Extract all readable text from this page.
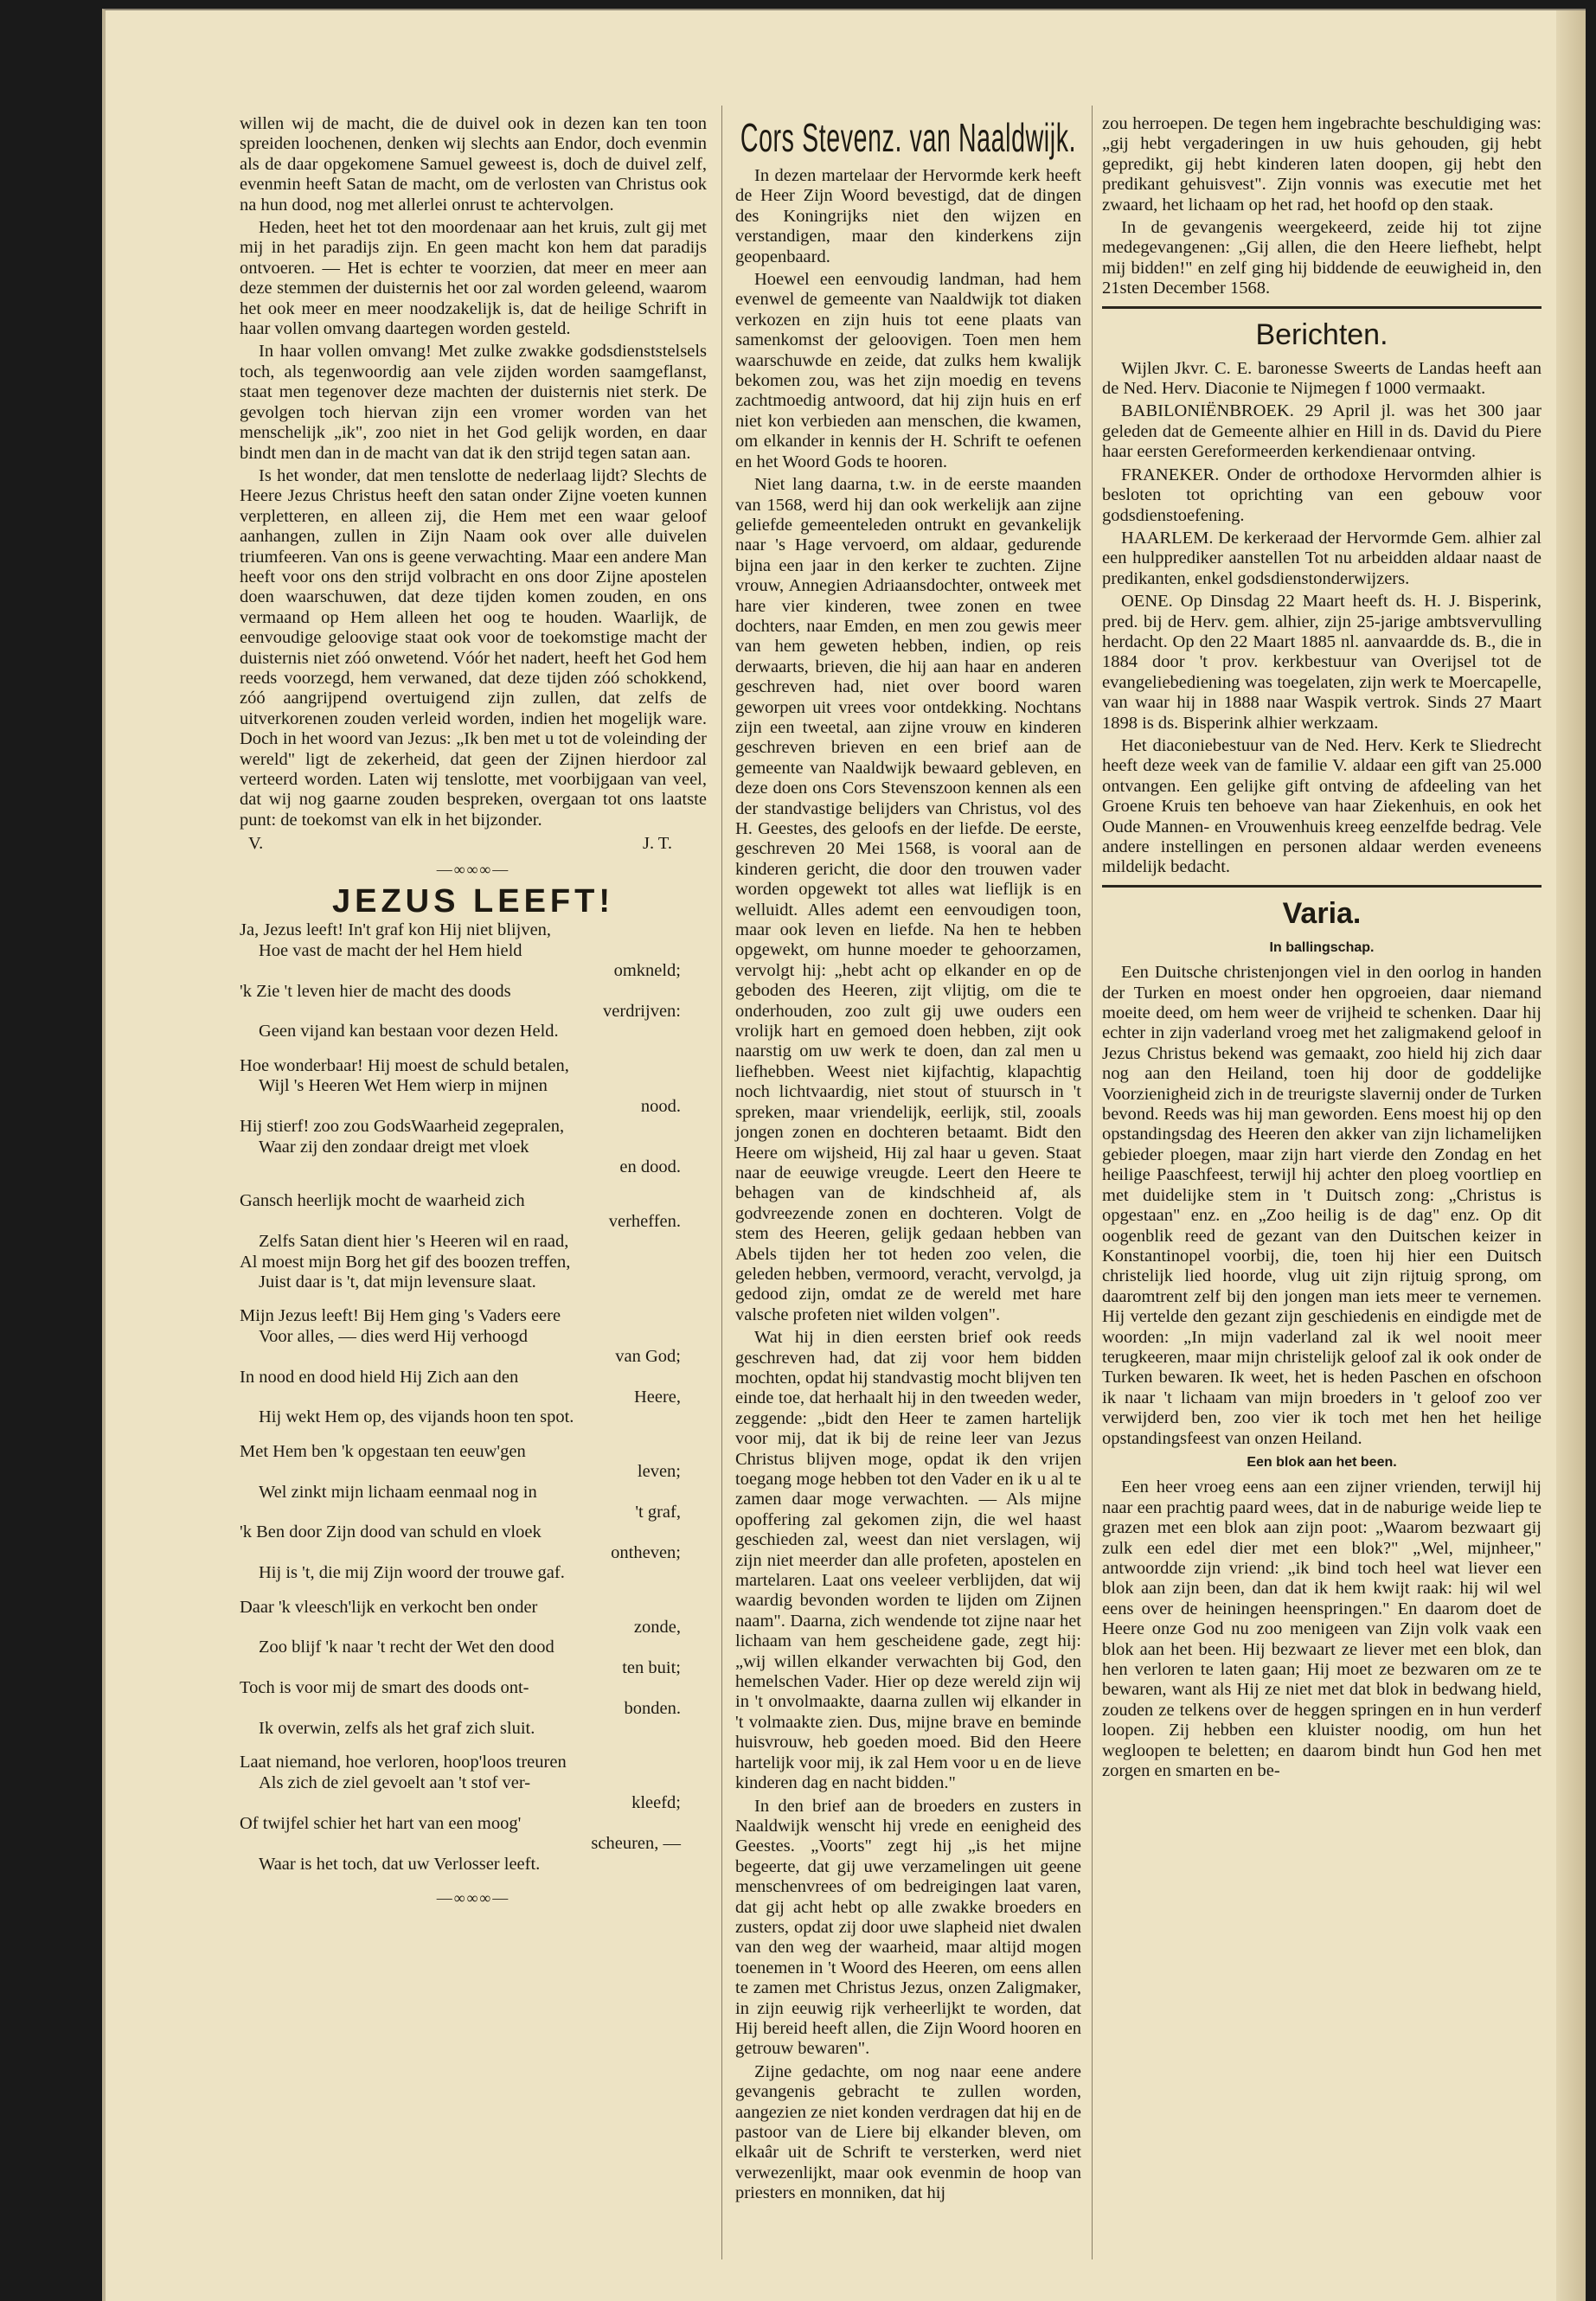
willen wij de macht, die de duivel ook in dezen kan ten toon spreiden loochenen, denken wij slechts aan Endor, doch evenmin als de daar opgekomene Samuel geweest is, doch de duivel zelf, evenmin heeft Satan de macht, om de verlosten van Christus ook na hun dood, nog met allerlei onrust te achtervolgen.

Heden, heet het tot den moordenaar aan het kruis, zult gij met mij in het paradijs zijn. En geen macht kon hem dat paradijs ontvoeren. — Het is echter te voorzien, dat meer en meer aan deze stemmen der duisternis het oor zal worden geleend, waarom het ook meer en meer noodzakelijk is, dat de heilige Schrift in haar vollen omvang daartegen worden gesteld.

In haar vollen omvang! Met zulke zwakke godsdienststelsels toch, als tegenwoordig aan vele zijden worden saamgeflanst, staat men tegenover deze machten der duisternis niet sterk. De gevolgen toch hiervan zijn een vromer worden van het menschelijk „ik", zoo niet in het God gelijk worden, en daar bindt men dan in de macht van dat ik den strijd tegen satan aan.

Is het wonder, dat men tenslotte de nederlaag lijdt? Slechts de Heere Jezus Christus heeft den satan onder Zijne voeten kunnen verpletteren, en alleen zij, die Hem met een waar geloof aanhangen, zullen in Zijn Naam ook over alle duivelen triumfeeren. Van ons is geene verwachting. Maar een andere Man heeft voor ons den strijd volbracht en ons door Zijne apostelen doen waarschuwen, dat deze tijden komen zouden, en ons vermaand op Hem alleen het oog te houden. Waarlijk, de eenvoudige geloovige staat ook voor de toekomstige macht der duisternis niet zóó onwetend. Vóór het nadert, heeft het God hem reeds voorzegd, hem verwaned, dat deze tijden zóó schokkend, zóó aangrijpend overtuigend zijn zullen, dat zelfs de uitverkorenen zouden verleid worden, indien het mogelijk ware. Doch in het woord van Jezus: „Ik ben met u tot de voleinding der wereld" ligt de zekerheid, dat geen der Zijnen hierdoor zal verteerd worden. Laten wij tenslotte, met voorbijgaan van veel, dat wij nog gaarne zouden bespreken, overgaan tot ons laatste punt: de toekomst van elk in het bijzonder.

V.	J. T.
—∞∞∞—
JEZUS LEEFT!
Ja, Jezus leeft! In't graf kon Hij niet blijven,
Hoe vast de macht der hel Hem hield
omkneld;
'k Zie 't leven hier de macht des doods
verdrijven:
Geen vijand kan bestaan voor dezen Held.
Hoe wonderbaar! Hij moest de schuld betalen,
Wijl 's Heeren Wet Hem wierp in mijnen
nood.
Hij stierf! zoo zou GodsWaarheid zegepralen,
Waar zij den zondaar dreigt met vloek
en dood.
Gansch heerlijk mocht de waarheid zich
verheffen.
Zelfs Satan dient hier 's Heeren wil en raad,
Al moest mijn Borg het gif des boozen treffen,
Juist daar is 't, dat mijn levensure slaat.
Mijn Jezus leeft! Bij Hem ging 's Vaders eere
Voor alles, — dies werd Hij verhoogd
van God;
In nood en dood hield Hij Zich aan den
Heere,
Hij wekt Hem op, des vijands hoon ten spot.
Met Hem ben 'k opgestaan ten eeuw'gen
leven;
Wel zinkt mijn lichaam eenmaal nog in
't graf,
'k Ben door Zijn dood van schuld en vloek
ontheven;
Hij is 't, die mij Zijn woord der trouwe gaf.
Daar 'k vleesch'lijk en verkocht ben onder
zonde,
Zoo blijf 'k naar 't recht der Wet den dood
ten buit;
Toch is voor mij de smart des doods ont-
bonden.
Ik overwin, zelfs als het graf zich sluit.
Laat niemand, hoe verloren, hoop'loos treuren
Als zich de ziel gevoelt aan 't stof ver-
kleefd;
Of twijfel schier het hart van een moog'
scheuren, —
Waar is het toch, dat uw Verlosser leeft.
—∞∞∞—
Cors Stevenz. van Naaldwijk.

In dezen martelaar der Hervormde kerk heeft de Heer Zijn Woord bevestigd, dat de dingen des Koningrijks niet den wijzen en verstandigen, maar den kinderkens zijn geopenbaard.

Hoewel een eenvoudig landman, had hem evenwel de gemeente van Naaldwijk tot diaken verkozen en zijn huis tot eene plaats van samenkomst der geloovigen. Toen men hem waarschuwde en zeide, dat zulks hem kwalijk bekomen zou, was het zijn moedig en tevens zachtmoedig antwoord, dat hij zijn huis en erf niet kon verbieden aan menschen, die kwamen, om elkander in kennis der H. Schrift te oefenen en het Woord Gods te hooren.

Niet lang daarna, t.w. in de eerste maanden van 1568, werd hij dan ook werkelijk aan zijne geliefde gemeenteleden ontrukt en gevankelijk naar 's Hage vervoerd, om aldaar, gedurende bijna een jaar in den kerker te zuchten. Zijne vrouw, Annegien Adriaansdochter, ontweek met hare vier kinderen, twee zonen en twee dochters, naar Emden, en men zou gewis meer van hem geweten hebben, indien, op reis derwaarts, brieven, die hij aan haar en anderen geschreven had, niet over boord waren geworpen uit vrees voor ontdekking. Nochtans zijn een tweetal, aan zijne vrouw en kinderen geschreven brieven en een brief aan de gemeente van Naaldwijk bewaard gebleven, en deze doen ons Cors Stevenszoon kennen als een der standvastige belijders van Christus, vol des H. Geestes, des geloofs en der liefde. De eerste, geschreven 20 Mei 1568, is vooral aan de kinderen gericht, die door den trouwen vader worden opgewekt tot alles wat lieflijk is en welluidt. Alles ademt een eenvoudigen toon, maar ook leven en liefde. Na hen te hebben opgewekt, om hunne moeder te gehoorzamen, vervolgt hij: „hebt acht op elkander en op de geboden des Heeren, zijt vlijtig, om die te onderhouden, zoo zult gij uwe ouders een vrolijk hart en gemoed doen hebben, zijt ook naarstig om uw werk te doen, dan zal men u liefhebben. Weest niet kijfachtig, klapachtig noch lichtvaardig, niet stout of stuursch in 't spreken, maar vriendelijk, eerlijk, stil, zooals jongen zonen en dochteren betaamt. Bidt den Heere om wijsheid, Hij zal haar u geven. Staat naar de eeuwige vreugde. Leert den Heere te behagen van de kindschheid af, als godvreezende zonen en dochteren. Volgt de stem des Heeren, gelijk gedaan hebben van Abels tijden her tot heden zoo velen, die geleden hebben, vermoord, veracht, vervolgd, ja gedood zijn, omdat ze de wereld met hare valsche profeten niet wilden volgen".

Wat hij in dien eersten brief ook reeds geschreven had, dat zij voor hem bidden mochten, opdat hij standvastig mocht blijven ten einde toe, dat herhaalt hij in den tweeden weder, zeggende: „bidt den Heer te zamen hartelijk voor mij, dat ik bij de reine leer van Jezus Christus blijven moge, opdat ik den vrijen toegang moge hebben tot den Vader en ik u al te zamen daar moge verwachten. — Als mijne opoffering zal gekomen zijn, die wel haast geschieden zal, weest dan niet verslagen, wij zijn niet meerder dan alle profeten, apostelen en martelaren. Laat ons veeleer verblijden, dat wij waardig bevonden worden te lijden om Zijnen naam". Daarna, zich wendende tot zijne naar het lichaam van hem gescheidene gade, zegt hij: „wij willen elkander verwachten bij God, den hemelschen Vader. Hier op deze wereld zijn wij in 't onvolmaakte, daarna zullen wij elkander in 't volmaakte zien. Dus, mijne brave en beminde huisvrouw, heb goeden moed. Bid den Heere hartelijk voor mij, ik zal Hem voor u en de lieve kinderen dag en nacht bidden."

In den brief aan de broeders en zusters in Naaldwijk wenscht hij vrede en eenigheid des Geestes. „Voorts" zegt hij „is het mijne begeerte, dat gij uwe verzamelingen uit geene menschenvrees of om bedreigingen laat varen, dat gij acht hebt op alle zwakke broeders en zusters, opdat zij door uwe slapheid niet dwalen van den weg der waarheid, maar altijd mogen toenemen in 't Woord des Heeren, om eens allen te zamen met Christus Jezus, onzen Zaligmaker, in zijn eeuwig rijk verheerlijkt te worden, dat Hij bereid heeft allen, die Zijn Woord hooren en getrouw bewaren".

Zijne gedachte, om nog naar eene andere gevangenis gebracht te zullen worden, aangezien ze niet konden verdragen dat hij en de pastoor van de Liere bij elkander bleven, om elkaâr uit de Schrift te versterken, werd niet verwezenlijkt, maar ook evenmin de hoop van priesters en monniken, dat hij

zou herroepen. De tegen hem ingebrachte beschuldiging was: „gij hebt vergaderingen in uw huis gehouden, gij hebt gepredikt, gij hebt kinderen laten doopen, gij hebt den predikant gehuisvest". Zijn vonnis was executie met het zwaard, het lichaam op het rad, het hoofd op den staak.

In de gevangenis weergekeerd, zeide hij tot zijne medegevangenen: „Gij allen, die den Heere liefhebt, helpt mij bidden!" en zelf ging hij biddende de eeuwigheid in, den 21sten December 1568.

Berichten.

Wijlen Jkvr. C. E. baronesse Sweerts de Landas heeft aan de Ned. Herv. Diaconie te Nijmegen f 1000 vermaakt.

BABILONIËNBROEK. 29 April jl. was het 300 jaar geleden dat de Gemeente alhier en Hill in ds. David du Piere haar eersten Gereformeerden kerkendienaar ontving.

FRANEKER. Onder de orthodoxe Hervormden alhier is besloten tot oprichting van een gebouw voor godsdienstoefening.

HAARLEM. De kerkeraad der Hervormde Gem. alhier zal een hulpprediker aanstellen Tot nu arbeidden aldaar naast de predikanten, enkel godsdienstonderwijzers.

OENE. Op Dinsdag 22 Maart heeft ds. H. J. Bisperink, pred. bij de Herv. gem. alhier, zijn 25-jarige ambtsvervulling herdacht. Op den 22 Maart 1885 nl. aanvaardde ds. B., die in 1884 door 't prov. kerkbestuur van Overijsel tot de evangeliebediening was toegelaten, zijn werk te Moercapelle, van waar hij in 1888 naar Waspik vertrok. Sinds 27 Maart 1898 is ds. Bisperink alhier werkzaam.

Het diaconiebestuur van de Ned. Herv. Kerk te Sliedrecht heeft deze week van de familie V. aldaar een gift van 25.000 ontvangen. Een gelijke gift ontving de afdeeling van het Groene Kruis ten behoeve van haar Ziekenhuis, en ook het Oude Mannen- en Vrouwenhuis kreeg eenzelfde bedrag. Vele andere instellingen en personen aldaar werden eveneens mildelijk bedacht.

Varia.
In ballingschap.

Een Duitsche christenjongen viel in den oorlog in handen der Turken en moest onder hen opgroeien, daar niemand moeite deed, om hem weer de vrijheid te schenken. Daar hij echter in zijn vaderland vroeg met het zaligmakend geloof in Jezus Christus bekend was gemaakt, zoo hield hij zich daar nog aan den Heiland, toen hij door de goddelijke Voorzienigheid zich in de treurigste slavernij onder de Turken bevond. Reeds was hij man geworden. Eens moest hij op den opstandingsdag des Heeren den akker van zijn lichamelijken gebieder ploegen, maar zijn hart vierde den Zondag en het heilige Paaschfeest, terwijl hij achter den ploeg voortliep en met duidelijke stem in 't Duitsch zong: „Christus is opgestaan" enz. en „Zoo heilig is de dag" enz. Op dit oogenblik reed de gezant van den Duitschen keizer in Konstantinopel voorbij, die, toen hij hier een Duitsch christelijk lied hoorde, vlug uit zijn rijtuig sprong, om daaromtrent zelf bij den jongen man iets meer te vernemen. Hij vertelde den gezant zijn geschiedenis en eindigde met de woorden: „In mijn vaderland zal ik wel nooit meer terugkeeren, maar mijn christelijk geloof zal ik ook onder de Turken bewaren. Ik weet, het is heden Paschen en ofschoon ik naar 't lichaam van mijn broeders in 't geloof zoo ver verwijderd ben, zoo vier ik toch met hen het heilige opstandingsfeest van onzen Heiland.

Een blok aan het been.

Een heer vroeg eens aan een zijner vrienden, terwijl hij naar een prachtig paard wees, dat in de naburige weide liep te grazen met een blok aan zijn poot: „Waarom bezwaart gij zulk een edel dier met een blok?" „Wel, mijnheer," antwoordde zijn vriend: „ik bind toch heel wat liever een blok aan zijn been, dan dat ik hem kwijt raak: hij wil wel eens over de heiningen heenspringen." En daarom doet de Heere onze God nu zoo menigeen van Zijn volk vaak een blok aan het been. Hij bezwaart ze liever met een blok, dan hen verloren te laten gaan; Hij moet ze bezwaren om ze te bewaren, want als Hij ze niet met dat blok in bedwang hield, zouden ze telkens over de heggen springen en in hun verderf loopen. Zij hebben een kluister noodig, om hun het wegloopen te beletten; en daarom bindt hun God hen met zorgen en smarten en be-
